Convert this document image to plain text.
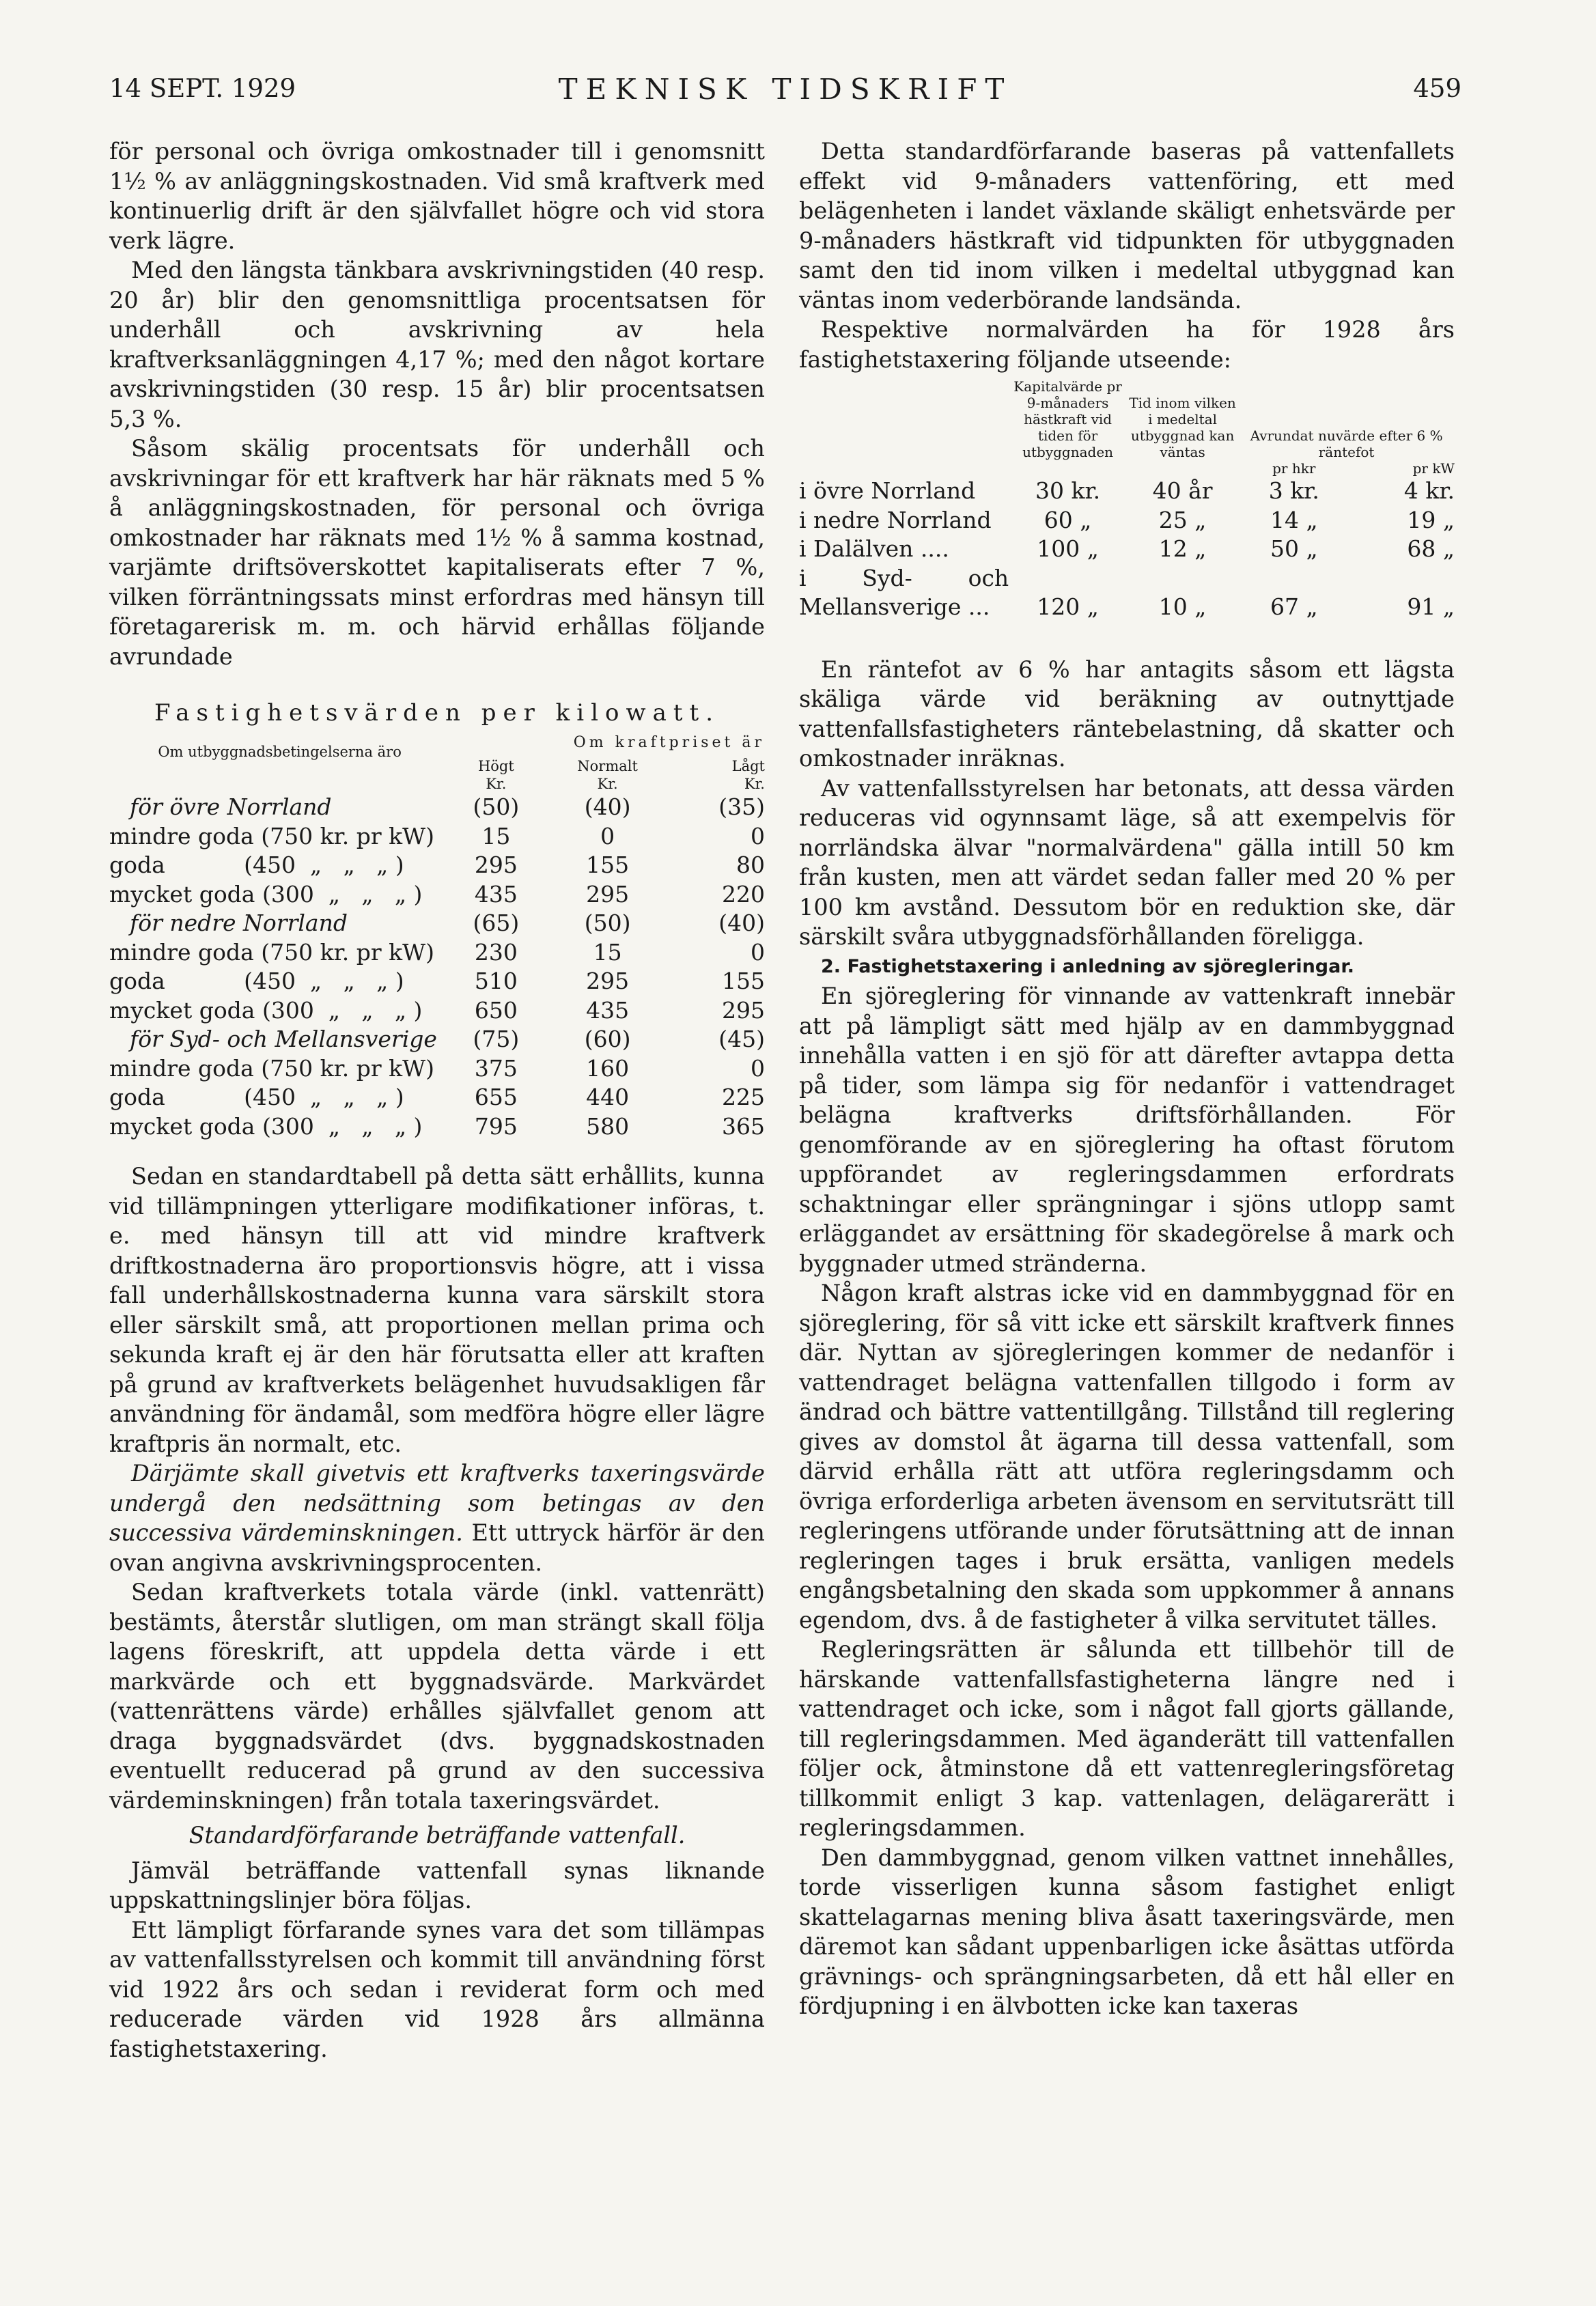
14 SEPT. 1929	TEKNISK TIDSKRIFT	459

för personal och övriga omkostnader till i genomsnitt 1½ % av anläggningskostnaden. Vid små kraftverk med kontinuerlig drift är den självfallet högre och vid stora verk lägre.

Med den längsta tänkbara avskrivningstiden (40 resp. 20 år) blir den genomsnittliga procentsatsen för underhåll och avskrivning av hela kraftverksanläggningen 4,17 %; med den något kortare avskrivningstiden (30 resp. 15 år) blir procentsatsen 5,3 %.

Såsom skälig procentsats för underhåll och avskrivningar för ett kraftverk har här räknats med 5 % å anläggningskostnaden, för personal och övriga omkostnader har räknats med 1½ % å samma kostnad, varjämte driftsöverskottet kapitaliserats efter 7 %, vilken förräntningssats minst erfordras med hänsyn till företagarerisk m. m. och härvid erhållas följande avrundade

Fastighetsvärden per kilowatt.
Om utbyggnadsbetingelserna äro	Om kraftpriset är		
	Högt	Normalt	Lågt
	Kr.	Kr.	Kr.
för övre Norrland	(50)	(40)	(35)
mindre goda (750 kr. pr kW)	15	0	0
goda           (450  „   „   „ )	295	155	80
mycket goda (300  „   „   „ )	435	295	220
för nedre Norrland	(65)	(50)	(40)
mindre goda (750 kr. pr kW)	230	15	0
goda           (450  „   „   „ )	510	295	155
mycket goda (300  „   „   „ )	650	435	295
för Syd- och Mellansverige	(75)	(60)	(45)
mindre goda (750 kr. pr kW)	375	160	0
goda           (450  „   „   „ )	655	440	225
mycket goda (300  „   „   „ )	795	580	365

Sedan en standardtabell på detta sätt erhållits, kunna vid tillämpningen ytterligare modifikationer införas, t. e. med hänsyn till att vid mindre kraftverk driftkostnaderna äro proportionsvis högre, att i vissa fall underhållskostnaderna kunna vara särskilt stora eller särskilt små, att proportionen mellan prima och sekunda kraft ej är den här förutsatta eller att kraften på grund av kraftverkets belägenhet huvudsakligen får användning för ändamål, som medföra högre eller lägre kraftpris än normalt, etc.

Därjämte skall givetvis ett kraftverks taxeringsvärde undergå den nedsättning som betingas av den successiva värdeminskningen. Ett uttryck härför är den ovan angivna avskrivningsprocenten.

Sedan kraftverkets totala värde (inkl. vattenrätt) bestämts, återstår slutligen, om man strängt skall följa lagens föreskrift, att uppdela detta värde i ett markvärde och ett byggnadsvärde. Markvärdet (vattenrättens värde) erhålles självfallet genom att draga byggnadsvärdet (dvs. byggnadskostnaden eventuellt reducerad på grund av den successiva värdeminskningen) från totala taxeringsvärdet.

Standardförfarande beträffande vattenfall.

Jämväl beträffande vattenfall synas liknande uppskattningslinjer böra följas.

Ett lämpligt förfarande synes vara det som tillämpas av vattenfallsstyrelsen och kommit till användning först vid 1922 års och sedan i reviderat form och med reducerade värden vid 1928 års allmänna fastighetstaxering.

Detta standardförfarande baseras på vattenfallets effekt vid 9-månaders vattenföring, ett med belägenheten i landet växlande skäligt enhetsvärde per 9-månaders hästkraft vid tidpunkten för utbyggnaden samt den tid inom vilken i medeltal utbyggnad kan väntas inom vederbörande landsända.

Respektive normalvärden ha för 1928 års fastighetstaxering följande utseende:

	Kapitalvärde pr 9-månaders hästkraft vid tiden för utbyggnaden	Tid inom vilken i medeltal utbyggnad kan väntas	Avrundat nuvärde efter 6 % räntefot	
			pr hkr	pr kW
i övre Norrland	30 kr.	40 år	3 kr.	4 kr.
i nedre Norrland	60 „	25 „	14 „	19 „
i Dalälven ....	100 „	12 „	50 „	68 „
i Syd- och Mellansverige ...	120 „	10 „	67 „	91 „

En räntefot av 6 % har antagits såsom ett lägsta skäliga värde vid beräkning av outnyttjade vattenfallsfastigheters räntebelastning, då skatter och omkostnader inräknas.

Av vattenfallsstyrelsen har betonats, att dessa värden reduceras vid ogynnsamt läge, så att exempelvis för norrländska älvar "normalvärdena" gälla intill 50 km från kusten, men att värdet sedan faller med 20 % per 100 km avstånd. Dessutom bör en reduktion ske, där särskilt svåra utbyggnadsförhållanden föreligga.

2. Fastighetstaxering i anledning av sjöregleringar.

En sjöreglering för vinnande av vattenkraft innebär att på lämpligt sätt med hjälp av en dammbyggnad innehålla vatten i en sjö för att därefter avtappa detta på tider, som lämpa sig för nedanför i vattendraget belägna kraftverks driftsförhållanden. För genomförande av en sjöreglering ha oftast förutom uppförandet av regleringsdammen erfordrats schaktningar eller sprängningar i sjöns utlopp samt erläggandet av ersättning för skadegörelse å mark och byggnader utmed stränderna.

Någon kraft alstras icke vid en dammbyggnad för en sjöreglering, för så vitt icke ett särskilt kraftverk finnes där. Nyttan av sjöregleringen kommer de nedanför i vattendraget belägna vattenfallen tillgodo i form av ändrad och bättre vattentillgång. Tillstånd till reglering gives av domstol åt ägarna till dessa vattenfall, som därvid erhålla rätt att utföra regleringsdamm och övriga erforderliga arbeten ävensom en servitutsrätt till regleringens utförande under förutsättning att de innan regleringen tages i bruk ersätta, vanligen medels engångsbetalning den skada som uppkommer å annans egendom, dvs. å de fastigheter å vilka servitutet tälles.

Regleringsrätten är sålunda ett tillbehör till de härskande vattenfallsfastigheterna längre ned i vattendraget och icke, som i något fall gjorts gällande, till regleringsdammen. Med äganderätt till vattenfallen följer ock, åtminstone då ett vattenregleringsföretag tillkommit enligt 3 kap. vattenlagen, delägarerätt i regleringsdammen.

Den dammbyggnad, genom vilken vattnet innehålles, torde visserligen kunna såsom fastighet enligt skattelagarnas mening bliva åsatt taxeringsvärde, men däremot kan sådant uppenbarligen icke åsättas utförda grävnings- och sprängningsarbeten, då ett hål eller en fördjupning i en älvbotten icke kan taxeras
